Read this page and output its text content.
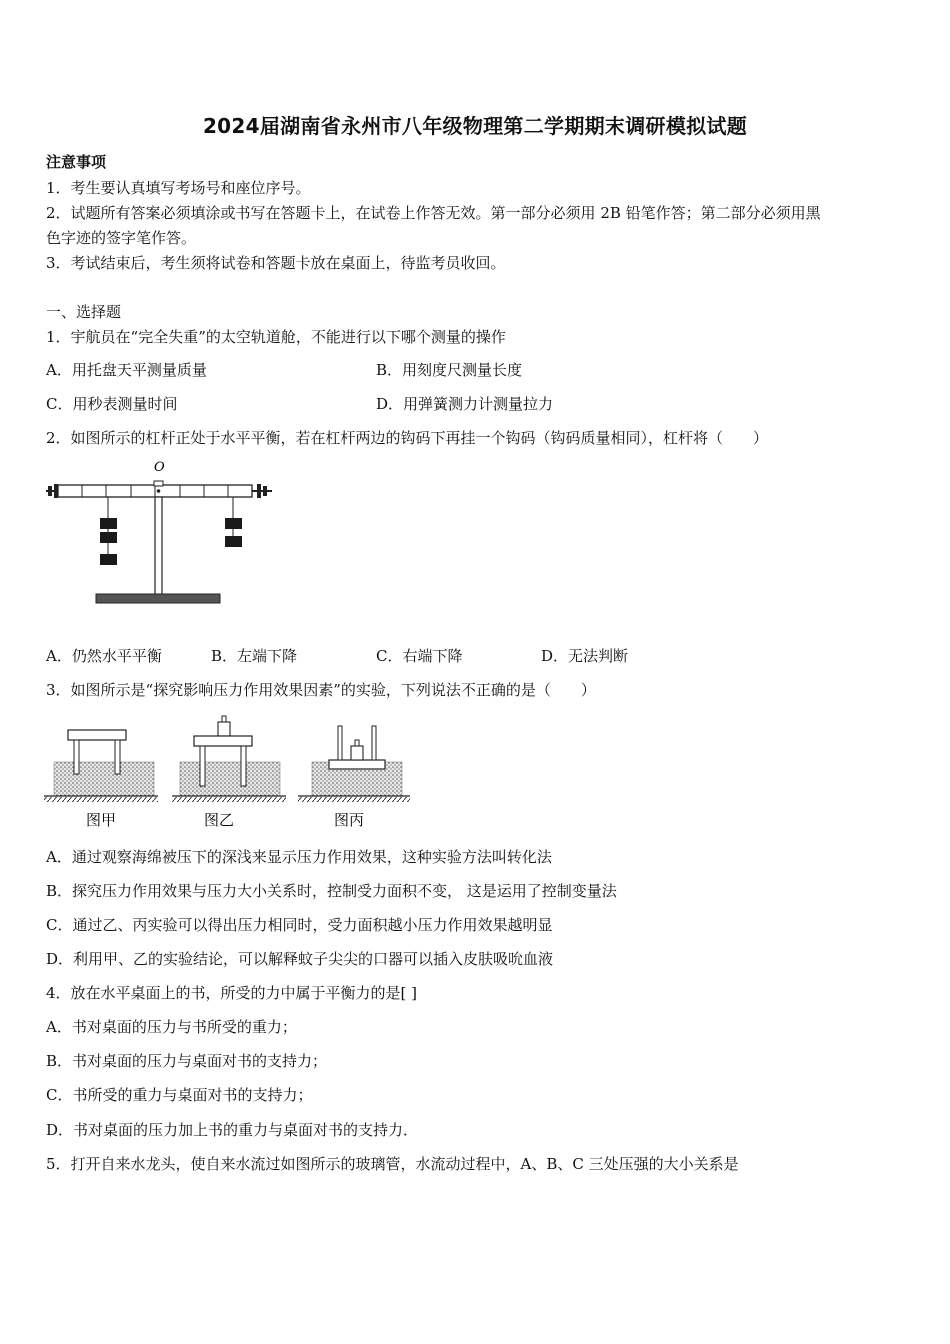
2024届湖南省永州市八年级物理第二学期期末调研模拟试题
注意事项
1．考生要认真填写考场号和座位序号。
2．试题所有答案必须填涂或书写在答题卡上，在试卷上作答无效。第一部分必须用 2B 铅笔作答；第二部分必须用黑
色字迹的签字笔作答。
3．考试结束后，考生须将试卷和答题卡放在桌面上，待监考员收回。
一、选择题
1．宇航员在“完全失重”的太空轨道舱，不能进行以下哪个测量的操作
A．用托盘天平测量质量	B．用刻度尺测量长度
C．用秒表测量时间	D．用弹簧测力计测量拉力
2．如图所示的杠杆正处于水平平衡，若在杠杆两边的钩码下再挂一个钩码（钩码质量相同），杠杆将（　　）
O
A．仍然水平平衡	B．左端下降	C．右端下降	D．无法判断
3．如图所示是“探究影响压力作用效果因素”的实验，下列说法不正确的是（　　）
图甲	图乙	图丙
A．通过观察海绵被压下的深浅来显示压力作用效果，这种实验方法叫转化法
B．探究压力作用效果与压力大小关系时，控制受力面积不变， 这是运用了控制变量法
C．通过乙、丙实验可以得出压力相同时，受力面积越小压力作用效果越明显
D．利用甲、乙的实验结论，可以解释蚊子尖尖的口器可以插入皮肤吸吮血液
4．放在水平桌面上的书，所受的力中属于平衡力的是[ ]
A．书对桌面的压力与书所受的重力；
B．书对桌面的压力与桌面对书的支持力；
C．书所受的重力与桌面对书的支持力；
D．书对桌面的压力加上书的重力与桌面对书的支持力．
5．打开自来水龙头，使自来水流过如图所示的玻璃管，水流动过程中，A、B、C 三处压强的大小关系是
